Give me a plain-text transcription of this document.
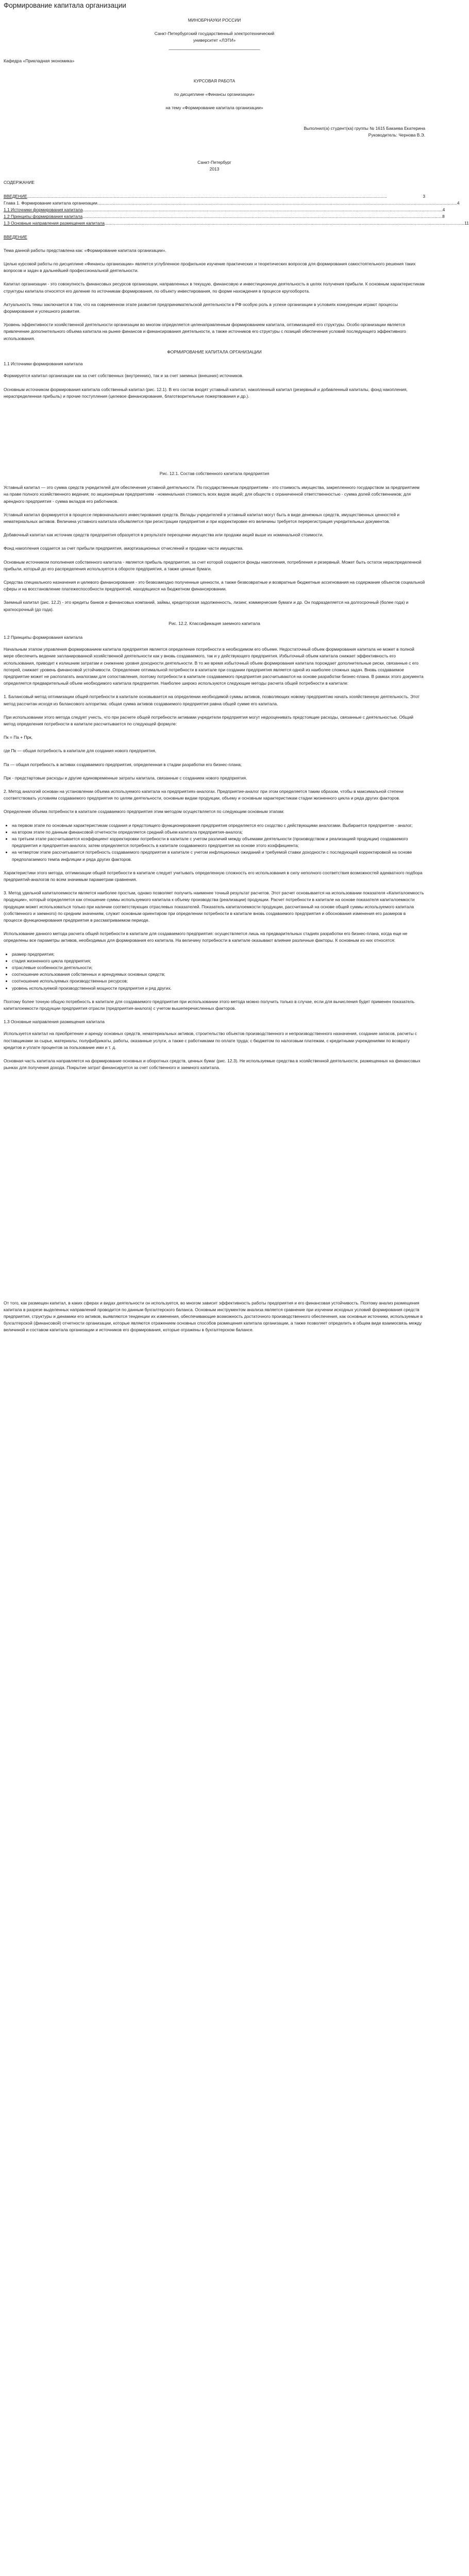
Формирование капитала организации

МИНОБРНАУКИ РОССИИ

Санкт-Петербургский государственный электротехнический

университет «ЛЭТИ»

______________________________________

Кафедра «Прикладная экономика»

КУРСОВАЯ РАБОТА

по дисциплине «Финансы организации»

на тему «Формирование капитала организации»

Выполнил(а) студент(ка) группы № 1615 Бакаева Екатерина

Руководитель: Чернова В.Э.

Санкт-Петербург

2013

СОДЕРЖАНИЕ

ВВЕДЕНИЕ ............................................................................................................................................................................................................................................................................................................	3
Глава 1. Формирование капитала организации ............................................................................................................................................................................................................................................................................................................ 4
1.1 Источники формирования капитала ............................................................................................................................................................................................................................................................................................................ 4
1.2 Принципы формирования капитала ............................................................................................................................................................................................................................................................................................................ 8
1.3 Основные направления размещения капитала ............................................................................................................................................................................................................................................................................................................ 11

ВВЕДЕНИЕ

Тема данной работы представлена как: «Формирование капитала организации».

Целью курсовой работы по дисциплине «Финансы организации» является углубленное профильное изучение практических и теоретических вопросов для формирования самостоятельного решения таких вопросов и задач в дальнейшей профессиональной деятельности.

Капитал организации - это совокупность финансовых ресурсов организации, направленных в текущую, финансовую и инвестиционную деятельность в целях получения прибыли. К основным характеристикам структуры капитала относятся его деление по источникам формирования, по объекту инвестирования, по форме нахождения в процессе кругооборота.

Актуальность темы заключается в том, что на современном этапе развития предпринимательской деятельности в РФ особую роль в успехе организации в условиях конкуренции играют процессы формирования и успешного развития.

Уровень эффективности хозяйственной деятельности организации во многом определяется целенаправленным формированием капитала, оптимизацией его структуры. Особо организации является привлечение дополнительного объема капитала на рынке финансов и финансирования деятельности, а также источников его структуры с позиций обеспечения условий последующего эффективного использования.

ФОРМИРОВАНИЕ КАПИТАЛА ОРГАНИЗАЦИИ

1.1 Источники формирования капитала

Формируется капитал организации как за счет собственных (внутренних), так и за счет заемных (внешних) источников.

Основным источником формирования капитала собственный капитал (рис. 12.1). В его состав входят уставный капитал, накопленный капитал (резервный и добавленный капиталы, фонд накопления, нераспределенная прибыль) и прочие поступления (целевое финансирование, благотворительные пожертвования и др.).

Рис. 12.1. Состав собственного капитала предприятия

Уставный капитал — это сумма средств учредителей для обеспечения уставной деятельности. По государственным предприятиям - это стоимость имущества, закрепленного государством за предприятием на праве полного хозяйственного ведения; по акционерным предприятиям - номинальная стоимость всех видов акций; для обществ с ограниченной ответственностью - сумма долей собственников; для арендного предприятия - сумма вкладов его работников.

Уставный капитал формируется в процессе первоначального инвестирования средств. Вклады учредителей в уставный капитал могут быть в виде денежных средств, имущественных ценностей и нематериальных активов. Величина уставного капитала объявляется при регистрации предприятия и при корректировке его величины требуется перерегистрация учредительных документов.

Добавочный капитал как источник средств предприятия образуется в результате переоценки имущества или продажи акций выше их номинальной стоимости.

Фонд накопления создается за счет прибыли предприятия, амортизационных отчислений и продажи части имущества.

Основным источником пополнения собственного капитала - является прибыль предприятия, за счет которой создаются фонды накопления, потребления и резервный. Может быть остаток нераспределенной прибыли, который до его распределения используется в обороте предприятия, а также ценные бумаги.

Средства специального назначения и целевого финансирования - это безвозмездно полученные ценности, а также безвозвратные и возвратные бюджетные ассигнования на содержание объектов социальной сферы и на восстановление платежеспособности предприятий, находящихся на бюджетном финансировании.

Заемный капитал (рис. 12.2) - это кредиты банков и финансовых компаний, займы, кредиторская задолженность, лизинг, коммерческие бумаги и др. Он подразделяется на долгосрочный (более года) и краткосрочный (до года).

Рис. 12.2. Классификация заемного капитала

1.2 Принципы формирования капитала

Начальным этапом управления формированием капитала предприятия является определение потребности в необходимом его объеме. Недостаточный объем формирования капитала не может в полной мере обеспечить ведение запланированной хозяйственной деятельности как у вновь создаваемого, так и у действующего предприятия. Избыточный объем капитала снижает эффективность его использования, приводит к излишним затратам и снижению уровня доходности деятельности. В то же время избыточный объем формирования капитала порождает дополнительные риски, связанные с его потерей, снижает уровень финансовой устойчивости. Определение оптимальной потребности в капитале при создании предприятия является одной из наиболее сложных задач. Вновь создаваемое предприятие может не располагать аналогами для сопоставления, поэтому потребности в капитале создаваемого предприятия рассчитываются на основе разработки бизнес-плана. В рамках этого документа определяется предварительный объем необходимого капитала предприятия. Наиболее широко используются следующие методы расчета общей потребности в капитале:

1. Балансовый метод оптимизации общей потребности в капитале основывается на определении необходимой суммы активов, позволяющих новому предприятию начать хозяйственную деятельность. Этот метод рассчитан исходя из балансового алгоритма: общая сумма активов создаваемого предприятия равна общей сумме его капитала.

При использовании этого метода следует учесть, что при расчете общей потребности активами учредители предприятия могут недооценивать предстоящие расходы, связанные с деятельностью. Общий метод определения потребности в капитале рассчитывается по следующей формуле:

Пк = Па + Прк,

где Пк — общая потребность в капитале для создания нового предприятия,

Па — общая потребность в активах создаваемого предприятия, определенная в стадии разработки его бизнес-плана;

Прк - предстартовые расходы и другие единовременные затраты капитала, связанные с созданием нового предприятия.

2. Метод аналогий основан на установлении объема используемого капитала на предприятиях-аналогах. Предприятие-аналог при этом определяется таким образом, чтобы в максимальной степени соответствовать условиям создаваемого предприятия по целям деятельности, основным видам продукции, объему и основным характеристикам стадии жизненного цикла и ряда других факторов.

Определение объема потребности в капитале создаваемого предприятия этим методом осуществляется по следующим основным этапам:

• на первом этапе по основным характеристикам создания и предстоящего функционирования предприятия определяется его сходство с действующими аналогами. Выбирается предприятие - аналог;
• на втором этапе по данным финансовой отчетности определяется средний объем капитала предприятия-аналога;
• на третьем этапе рассчитывается коэффициент корректировки потребности в капитале с учетом различий между объемами деятельности (производством и реализацией продукции) создаваемого предприятия и предприятия-аналога; затем определяется потребность в капитале создаваемого предприятия на основе этого коэффициента;
• на четвертом этапе рассчитывается потребность создаваемого предприятия в капитале с учетом инфляционных ожиданий и требуемой ставки доходности с последующей корректировкой на основе предполагаемого темпа инфляции и ряда других факторов.

Характеристики этого метода, оптимизации общей потребности в капитале следует учитывать определенную сложность его использования в силу неполного соответствия возможностей адекватного подбора предприятий-аналогов по всем значимым параметрам сравнения.

3. Метод удельной капиталоемкости является наиболее простым, однако позволяет получить наименее точный результат расчетов. Этот расчет основывается на использовании показателя «Капиталоемкость продукции», который определяется как отношение суммы используемого капитала к объему производства (реализации) продукции. Расчет потребности в капитале на основе показателя капиталоемкости продукции может использоваться только при наличии соответствующих отраслевых показателей. Показатель капиталоемкости продукции, рассчитанный на основе общей суммы используемого капитала (собственного и заемного) по средним значениям, служит основным ориентиром при определении потребности в капитале вновь создаваемого предприятия и обоснования изменения его размеров в процессе функционирования предприятия в рассматриваемом периоде.

Использование данного метода расчета общей потребности в капитале для создаваемого предприятия: осуществляется лишь на предварительных стадиях разработки его бизнес-плана, когда еще не определены все параметры активов, необходимых для формирования его капитала. На величину потребности в капитале оказывают влияние различные факторы. К основным из них относятся:

• размер предприятия;
• стадия жизненного цикла предприятия;
• отраслевые особенности деятельности;
• соотношение использования собственных и арендуемых основных средств;
• соотношение используемых производственных ресурсов;
• уровень используемой производственной мощности предприятия и ряд других.

Поэтому более точную общую потребность в капитале для создаваемого предприятия при использовании этого метода можно получить только в случае, если для вычисления будет применен показатель капиталоемкости продукции предприятия отрасли (предприятия-аналога) с учетом вышеперечисленных факторов.

1.3 Основные направления размещения капитала

Используется капитал на приобретение и аренду основных средств, нематериальных активов, строительство объектов производственного и непроизводственного назначения, создание запасов, расчеты с поставщиками за сырье, материалы, полуфабрикаты, работы, оказанные услуги, а также с работниками по оплате труда; с бюджетом по налоговым платежам, с кредитными учреждениями по возврату кредитов и уплате процентов за пользование ими и т. д.

Основная часть капитала направляется на формирование основных и оборотных средств, ценных бумаг (рис. 12.3). Не используемые средства в хозяйственной деятельности, размещенных на финансовых рынках для получения дохода. Покрытие затрат финансируется за счет собственного и заемного капитала.

От того, как размещен капитал, в каких сферах и видах деятельности он используется, во многом зависит эффективность работы предприятия и его финансовая устойчивость. Поэтому анализ размещения капитала в разрезе выделенных направлений проводится по данным бухгалтерского баланса. Основным инструментом анализа является сравнение при изучении исходных условий формирования средств предприятия, структуры и динамики его активов, выявляются тенденции их изменения, обеспечивающие возможность достаточного производственного обеспечения, как основные источники, используемые в бухгалтерской (финансовой) отчетности организации, которые являются отражением основных способов размещения капитала организации, а также позволяет определить в общем виде взаимосвязь между величиной и составом капитала организации и источников его формирования, которые отражены в бухгалтерском балансе.
